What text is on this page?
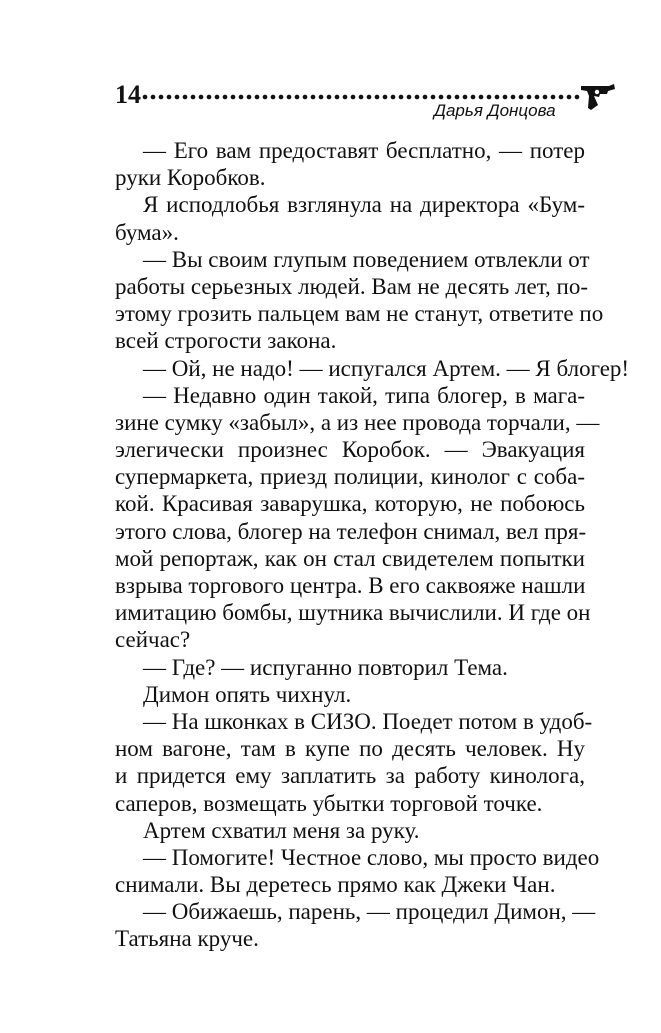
14
Дарья Донцова
— Его вам предоставят бесплатно, — потер
руки Коробков.
Я исподлобья взглянула на директора «Бум-
бума».
— Вы своим глупым поведением отвлекли от
работы серьезных людей. Вам не десять лет, по-
этому грозить пальцем вам не станут, ответите по
всей строгости закона.
— Ой, не надо! — испугался Артем. — Я блогер!
— Недавно один такой, типа блогер, в мага-
зине сумку «забыл», а из нее провода торчали, —
элегически произнес Коробок. — Эвакуация
супермаркета, приезд полиции, кинолог с соба-
кой. Красивая заварушка, которую, не побоюсь
этого слова, блогер на телефон снимал, вел пря-
мой репортаж, как он стал свидетелем попытки
взрыва торгового центра. В его саквояже нашли
имитацию бомбы, шутника вычислили. И где он
сейчас?
— Где? — испуганно повторил Тема.
Димон опять чихнул.
— На шконках в СИЗО. Поедет потом в удоб-
ном вагоне, там в купе по десять человек. Ну
и придется ему заплатить за работу кинолога,
саперов, возмещать убытки торговой точке.
Артем схватил меня за руку.
— Помогите! Честное слово, мы просто видео
снимали. Вы деретесь прямо как Джеки Чан.
— Обижаешь, парень, — процедил Димон, —
Татьяна круче.
